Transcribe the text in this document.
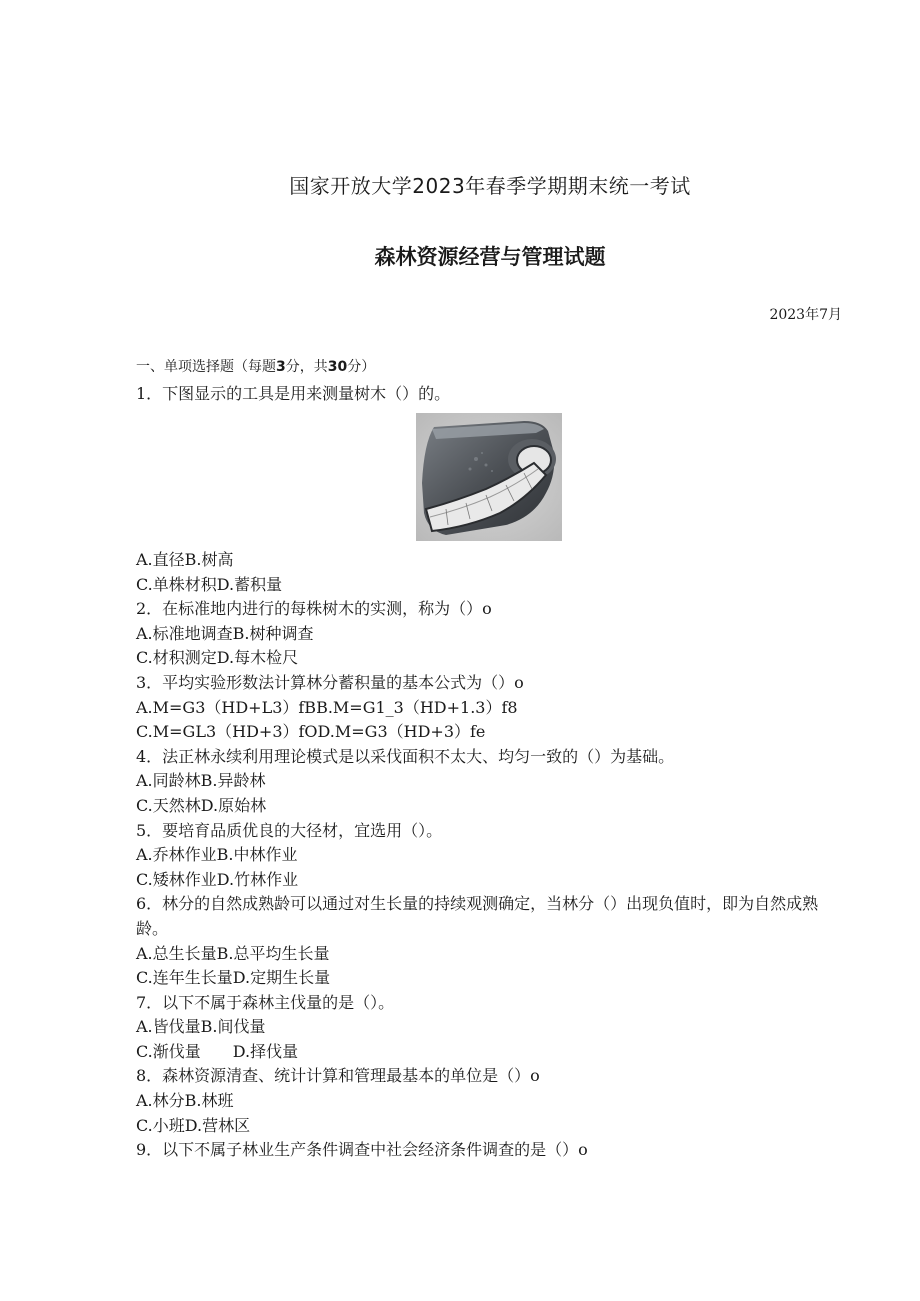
国家开放大学2023年春季学期期末统一考试
森林资源经营与管理试题
2023年7月
一、单项选择题（每题3分，共30分）
1．下图显示的工具是用来测量树木（）的。
A.直径B.树高
C.单株材积D.蓄积量
2．在标准地内进行的每株树木的实测，称为（）o
A.标准地调查B.树种调查
C.材积测定D.每木检尺
3．平均实验形数法计算林分蓄积量的基本公式为（）o
A.M=G3（HD+L3）fBB.M=G1_3（HD+1.3）f8
C.M=GL3（HD+3）fOD.M=G3（HD+3）fe
4．法正林永续利用理论模式是以采伐面积不太大、均匀一致的（）为基础。
A.同龄林B.异龄林
C.天然林D.原始林
5．要培育品质优良的大径材，宜选用（）。
A.乔林作业B.中林作业
C.矮林作业D.竹林作业
6．林分的自然成熟龄可以通过对生长量的持续观测确定，当林分（）出现负值时，即为自然成熟龄。
A.总生长量B.总平均生长量
C.连年生长量D.定期生长量
7．以下不属于森林主伐量的是（）。
A.皆伐量B.间伐量
C.渐伐量　　D.择伐量
8．森林资源清查、统计计算和管理最基本的单位是（）o
A.林分B.林班
C.小班D.营林区
9．以下不属子林业生产条件调查中社会经济条件调查的是（）o
